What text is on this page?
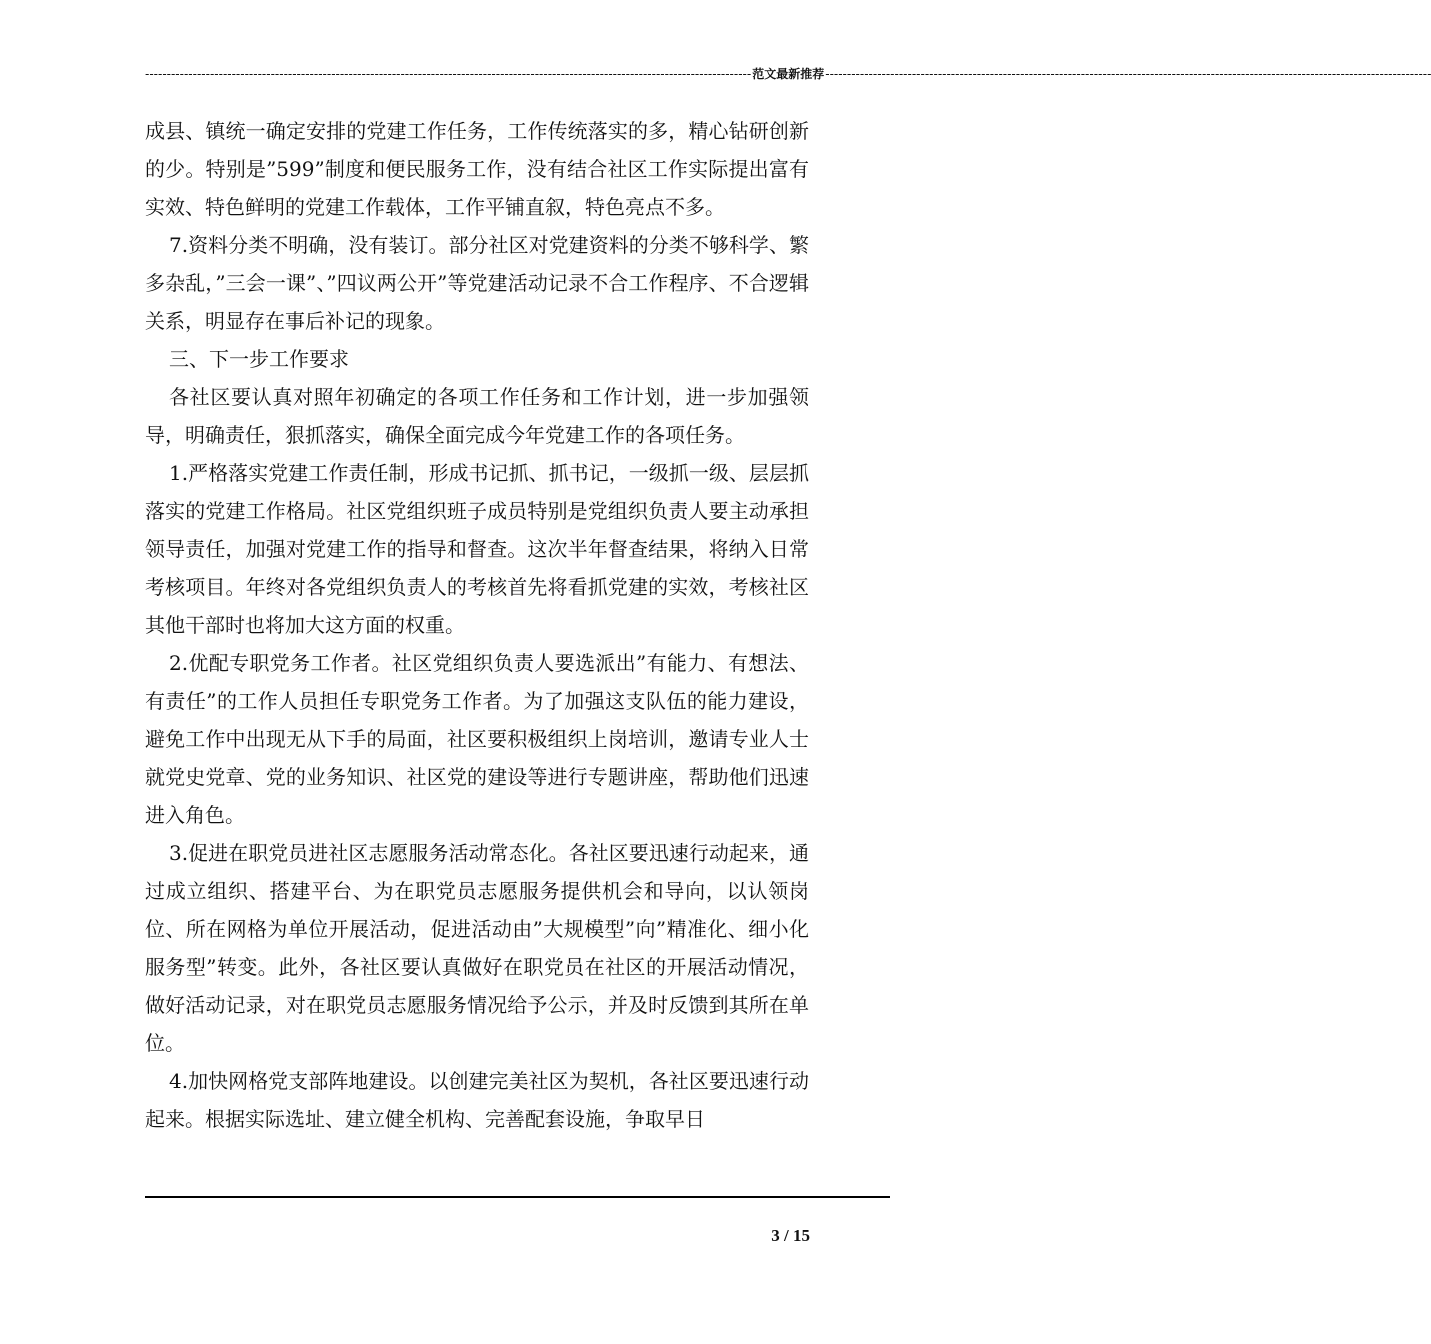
-------------------------------------------------------------------------------------------------------------------------------------------- 范文最新推荐 --------------------------------------------------------------------------------------------------------------------------------------------

成县、镇统一确定安排的党建工作任务，工作传统落实的多，精心钻研创新的少。特别是”599”制度和便民服务工作，没有结合社区工作实际提出富有实效、特色鲜明的党建工作载体，工作平铺直叙，特色亮点不多。

7.资料分类不明确，没有装订。部分社区对党建资料的分类不够科学、繁多杂乱，”三会一课”、”四议两公开”等党建活动记录不合工作程序、不合逻辑关系，明显存在事后补记的现象。

三、下一步工作要求

各社区要认真对照年初确定的各项工作任务和工作计划，进一步加强领导，明确责任，狠抓落实，确保全面完成今年党建工作的各项任务。

1.严格落实党建工作责任制，形成书记抓、抓书记，一级抓一级、层层抓落实的党建工作格局。社区党组织班子成员特别是党组织负责人要主动承担领导责任，加强对党建工作的指导和督查。这次半年督查结果，将纳入日常考核项目。年终对各党组织负责人的考核首先将看抓党建的实效，考核社区其他干部时也将加大这方面的权重。

2.优配专职党务工作者。社区党组织负责人要选派出”有能力、有想法、有责任”的工作人员担任专职党务工作者。为了加强这支队伍的能力建设，避免工作中出现无从下手的局面，社区要积极组织上岗培训，邀请专业人士就党史党章、党的业务知识、社区党的建设等进行专题讲座，帮助他们迅速进入角色。

3.促进在职党员进社区志愿服务活动常态化。各社区要迅速行动起来，通过成立组织、搭建平台、为在职党员志愿服务提供机会和导向，以认领岗位、所在网格为单位开展活动，促进活动由”大规模型”向”精准化、细小化服务型”转变。此外，各社区要认真做好在职党员在社区的开展活动情况，做好活动记录，对在职党员志愿服务情况给予公示，并及时反馈到其所在单位。

4.加快网格党支部阵地建设。以创建完美社区为契机，各社区要迅速行动起来。根据实际选址、建立健全机构、完善配套设施，争取早日

3 / 15
